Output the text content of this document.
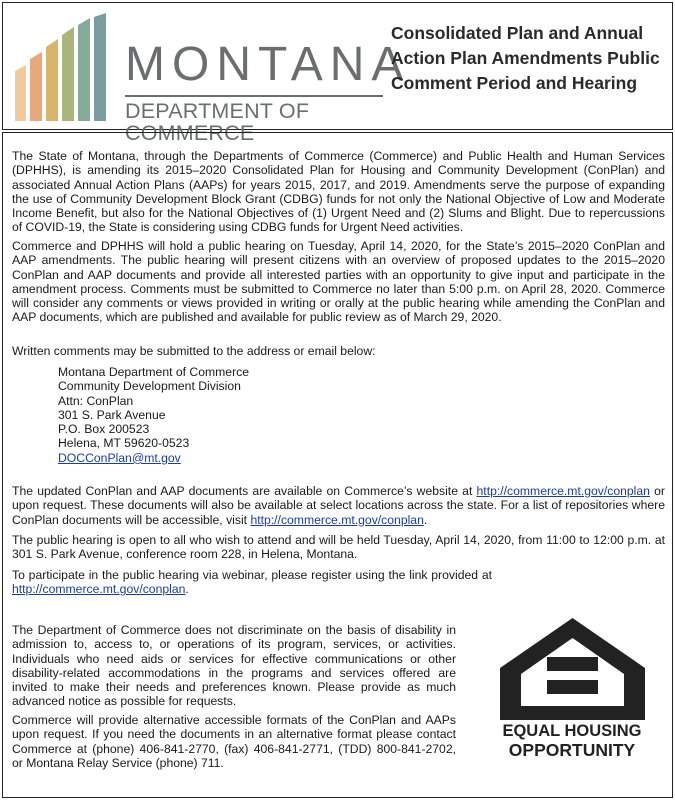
MONTANA
DEPARTMENT OF COMMERCE
Consolidated Plan and Annual
Action Plan Amendments Public
Comment Period and Hearing

The State of Montana, through the Departments of Commerce (Commerce) and Public Health and Human Services (DPHHS), is amending its 2015–2020 Consolidated Plan for Housing and Community Development (ConPlan) and associated Annual Action Plans (AAPs) for years 2015, 2017, and 2019. Amendments serve the purpose of expanding the use of Community Development Block Grant (CDBG) funds for not only the National Objective of Low and Moderate Income Benefit, but also for the National Objectives of (1) Urgent Need and (2) Slums and Blight. Due to repercussions of COVID-19, the State is considering using CDBG funds for Urgent Need activities.

Commerce and DPHHS will hold a public hearing on Tuesday, April 14, 2020, for the State’s 2015–2020 ConPlan and AAP amendments. The public hearing will present citizens with an overview of proposed updates to the 2015–2020 ConPlan and AAP documents and provide all interested parties with an opportunity to give input and participate in the amendment process. Comments must be submitted to Commerce no later than 5:00 p.m. on April 28, 2020. Commerce will consider any comments or views provided in writing or orally at the public hearing while amending the ConPlan and AAP documents, which are published and available for public review as of March 29, 2020.

Written comments may be submitted to the address or email below:

Montana Department of Commerce
Community Development Division
Attn: ConPlan
301 S. Park Avenue
P.O. Box 200523
Helena, MT 59620-0523
DOCConPlan@mt.gov

The updated ConPlan and AAP documents are available on Commerce’s website at http://commerce.mt.gov/conplan or upon request. These documents will also be available at select locations across the state. For a list of repositories where ConPlan documents will be accessible, visit http://commerce.mt.gov/conplan.

The public hearing is open to all who wish to attend and will be held Tuesday, April 14, 2020, from 11:00 to 12:00 p.m. at 301 S. Park Avenue, conference room 228, in Helena, Montana.

To participate in the public hearing via webinar, please register using the link provided at http://commerce.mt.gov/conplan.

The Department of Commerce does not discriminate on the basis of disability in admission to, access to, or operations of its program, services, or activities. Individuals who need aids or services for effective communications or other disability-related accommodations in the programs and services offered are invited to make their needs and preferences known. Please provide as much advanced notice as possible for requests.

Commerce will provide alternative accessible formats of the ConPlan and AAPs upon request. If you need the documents in an alternative format please contact Commerce at (phone) 406-841-2770, (fax) 406-841-2771, (TDD) 800-841-2702, or Montana Relay Service (phone) 711.

EQUAL HOUSING
OPPORTUNITY
